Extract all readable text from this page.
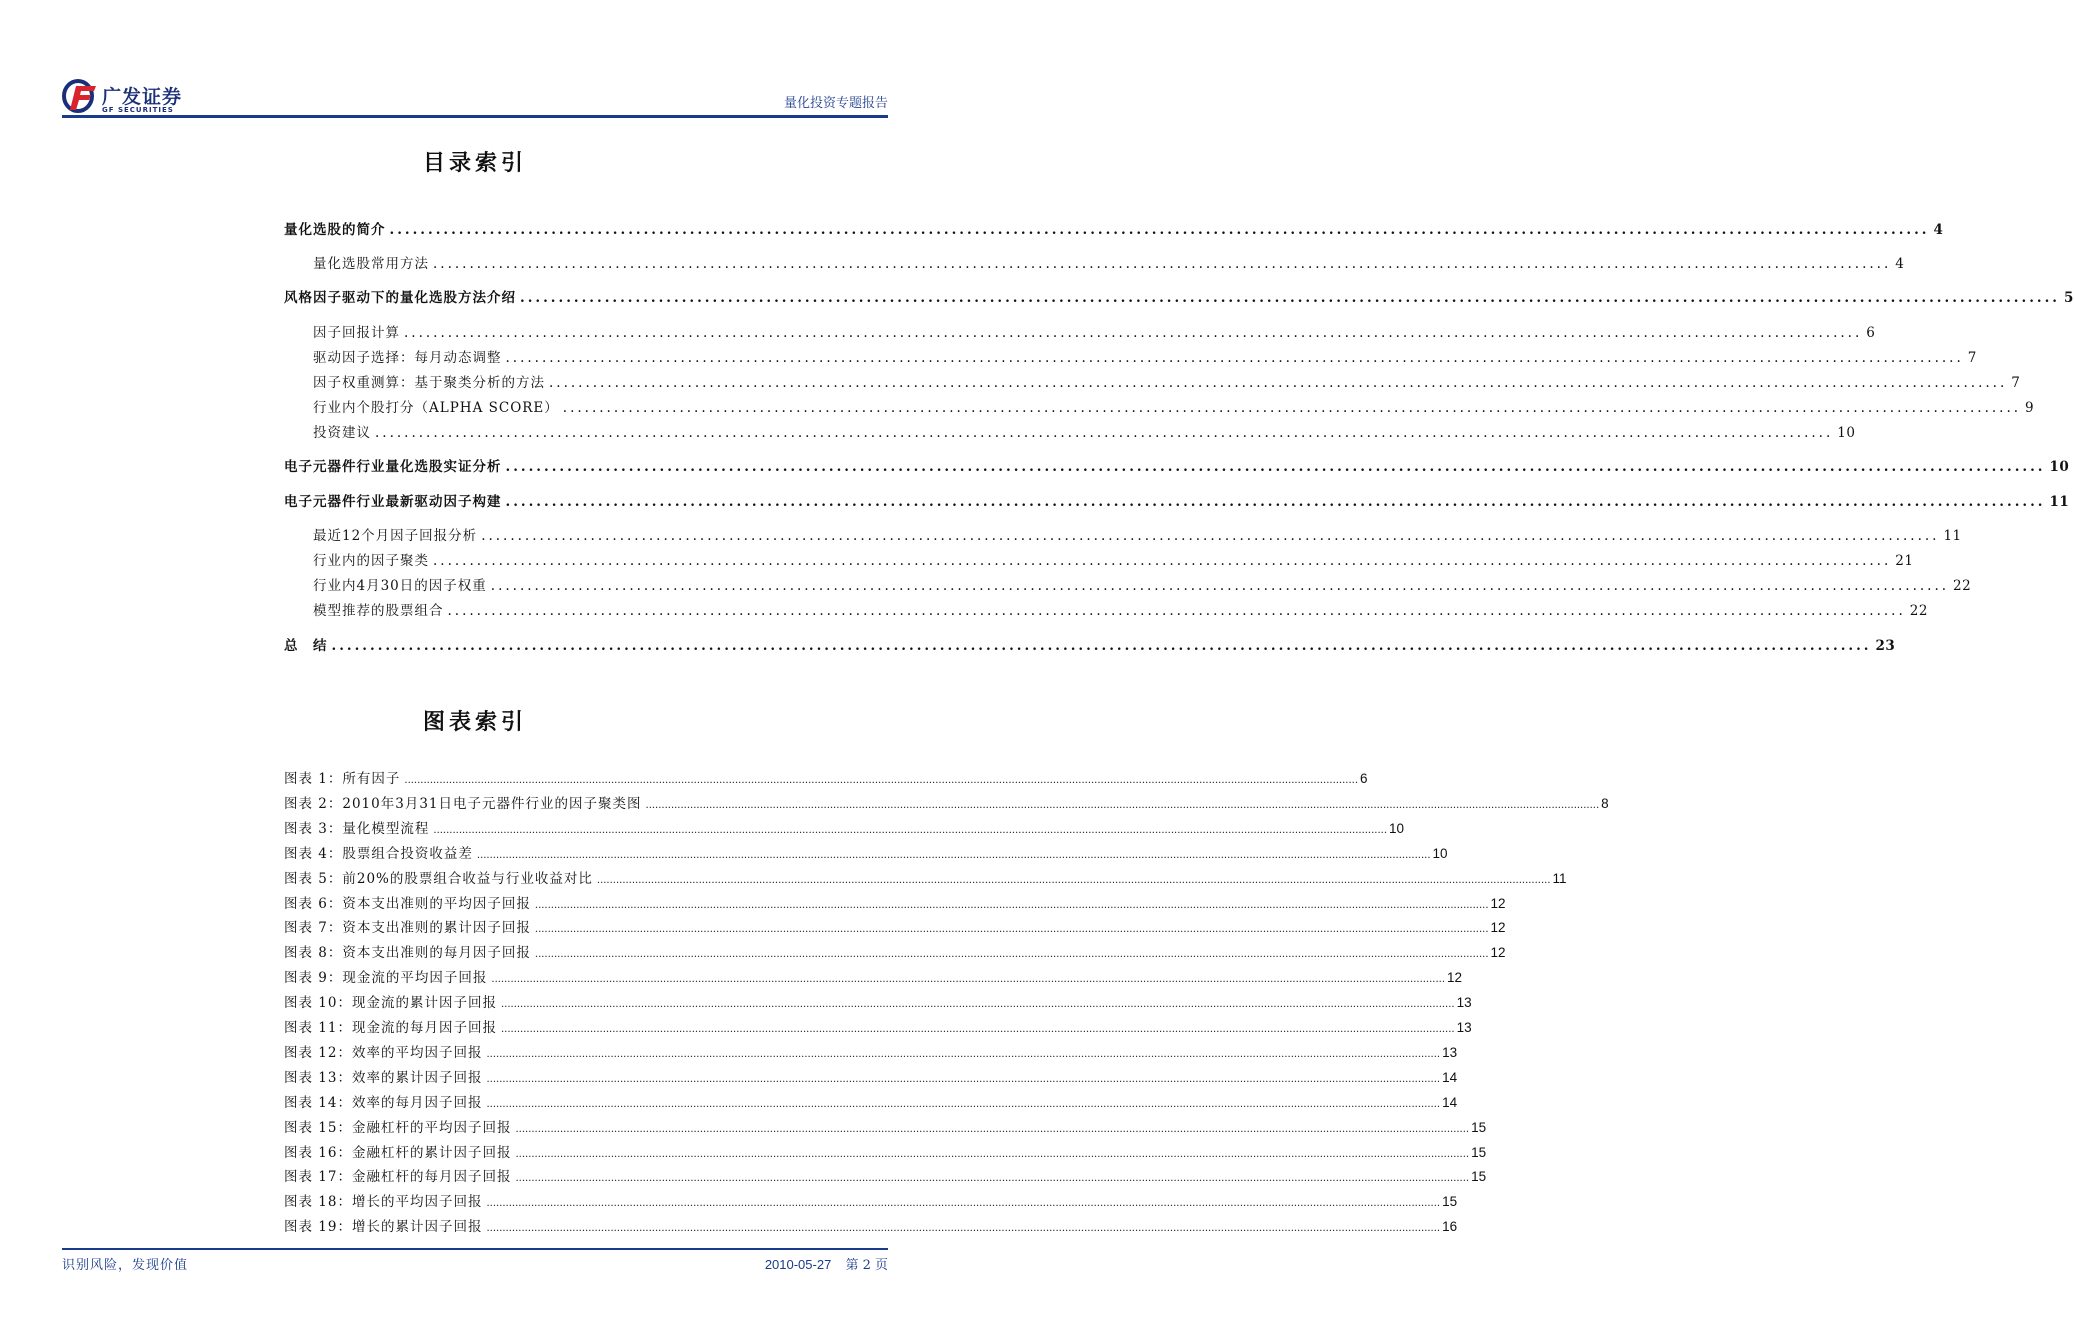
广发证券
GF SECURITIES	量化投资专题报告
目录索引
图表索引
识别风险，发现价值	2010-05-27 第 2 页
量化选股的简介 ........................................................................................................................................................................................................ 4
量化选股常用方法 ........................................................................................................................................................................................................ 4
风格因子驱动下的量化选股方法介绍 ........................................................................................................................................................................................................ 5
因子回报计算 ........................................................................................................................................................................................................ 6
驱动因子选择：每月动态调整 ........................................................................................................................................................................................................ 7
因子权重测算：基于聚类分析的方法 ........................................................................................................................................................................................................ 7
行业内个股打分（ALPHA SCORE） ........................................................................................................................................................................................................ 9
投资建议 ........................................................................................................................................................................................................ 10
电子元器件行业量化选股实证分析 ........................................................................................................................................................................................................ 10
电子元器件行业最新驱动因子构建 ........................................................................................................................................................................................................ 11
最近12个月因子回报分析 ........................................................................................................................................................................................................ 11
行业内的因子聚类 ........................................................................................................................................................................................................ 21
行业内4月30日的因子权重 ........................................................................................................................................................................................................ 22
模型推荐的股票组合 ........................................................................................................................................................................................................ 22
总　结 ........................................................................................................................................................................................................ 23
图表 1：所有因子 ............................................................................................................................................................................................................................................................................................................ 6
图表 2：2010年3月31日电子元器件行业的因子聚类图 ............................................................................................................................................................................................................................................................................................................ 8
图表 3：量化模型流程 ............................................................................................................................................................................................................................................................................................................ 10
图表 4：股票组合投资收益差 ............................................................................................................................................................................................................................................................................................................ 10
图表 5：前20%的股票组合收益与行业收益对比 ............................................................................................................................................................................................................................................................................................................ 11
图表 6：资本支出准则的平均因子回报 ............................................................................................................................................................................................................................................................................................................ 12
图表 7：资本支出准则的累计因子回报 ............................................................................................................................................................................................................................................................................................................ 12
图表 8：资本支出准则的每月因子回报 ............................................................................................................................................................................................................................................................................................................ 12
图表 9：现金流的平均因子回报 ............................................................................................................................................................................................................................................................................................................ 12
图表 10：现金流的累计因子回报 ............................................................................................................................................................................................................................................................................................................ 13
图表 11：现金流的每月因子回报 ............................................................................................................................................................................................................................................................................................................ 13
图表 12：效率的平均因子回报 ............................................................................................................................................................................................................................................................................................................ 13
图表 13：效率的累计因子回报 ............................................................................................................................................................................................................................................................................................................ 14
图表 14：效率的每月因子回报 ............................................................................................................................................................................................................................................................................................................ 14
图表 15：金融杠杆的平均因子回报 ............................................................................................................................................................................................................................................................................................................ 15
图表 16：金融杠杆的累计因子回报 ............................................................................................................................................................................................................................................................................................................ 15
图表 17：金融杠杆的每月因子回报 ............................................................................................................................................................................................................................................................................................................ 15
图表 18：增长的平均因子回报 ............................................................................................................................................................................................................................................................................................................ 15
图表 19：增长的累计因子回报 ............................................................................................................................................................................................................................................................................................................ 16
